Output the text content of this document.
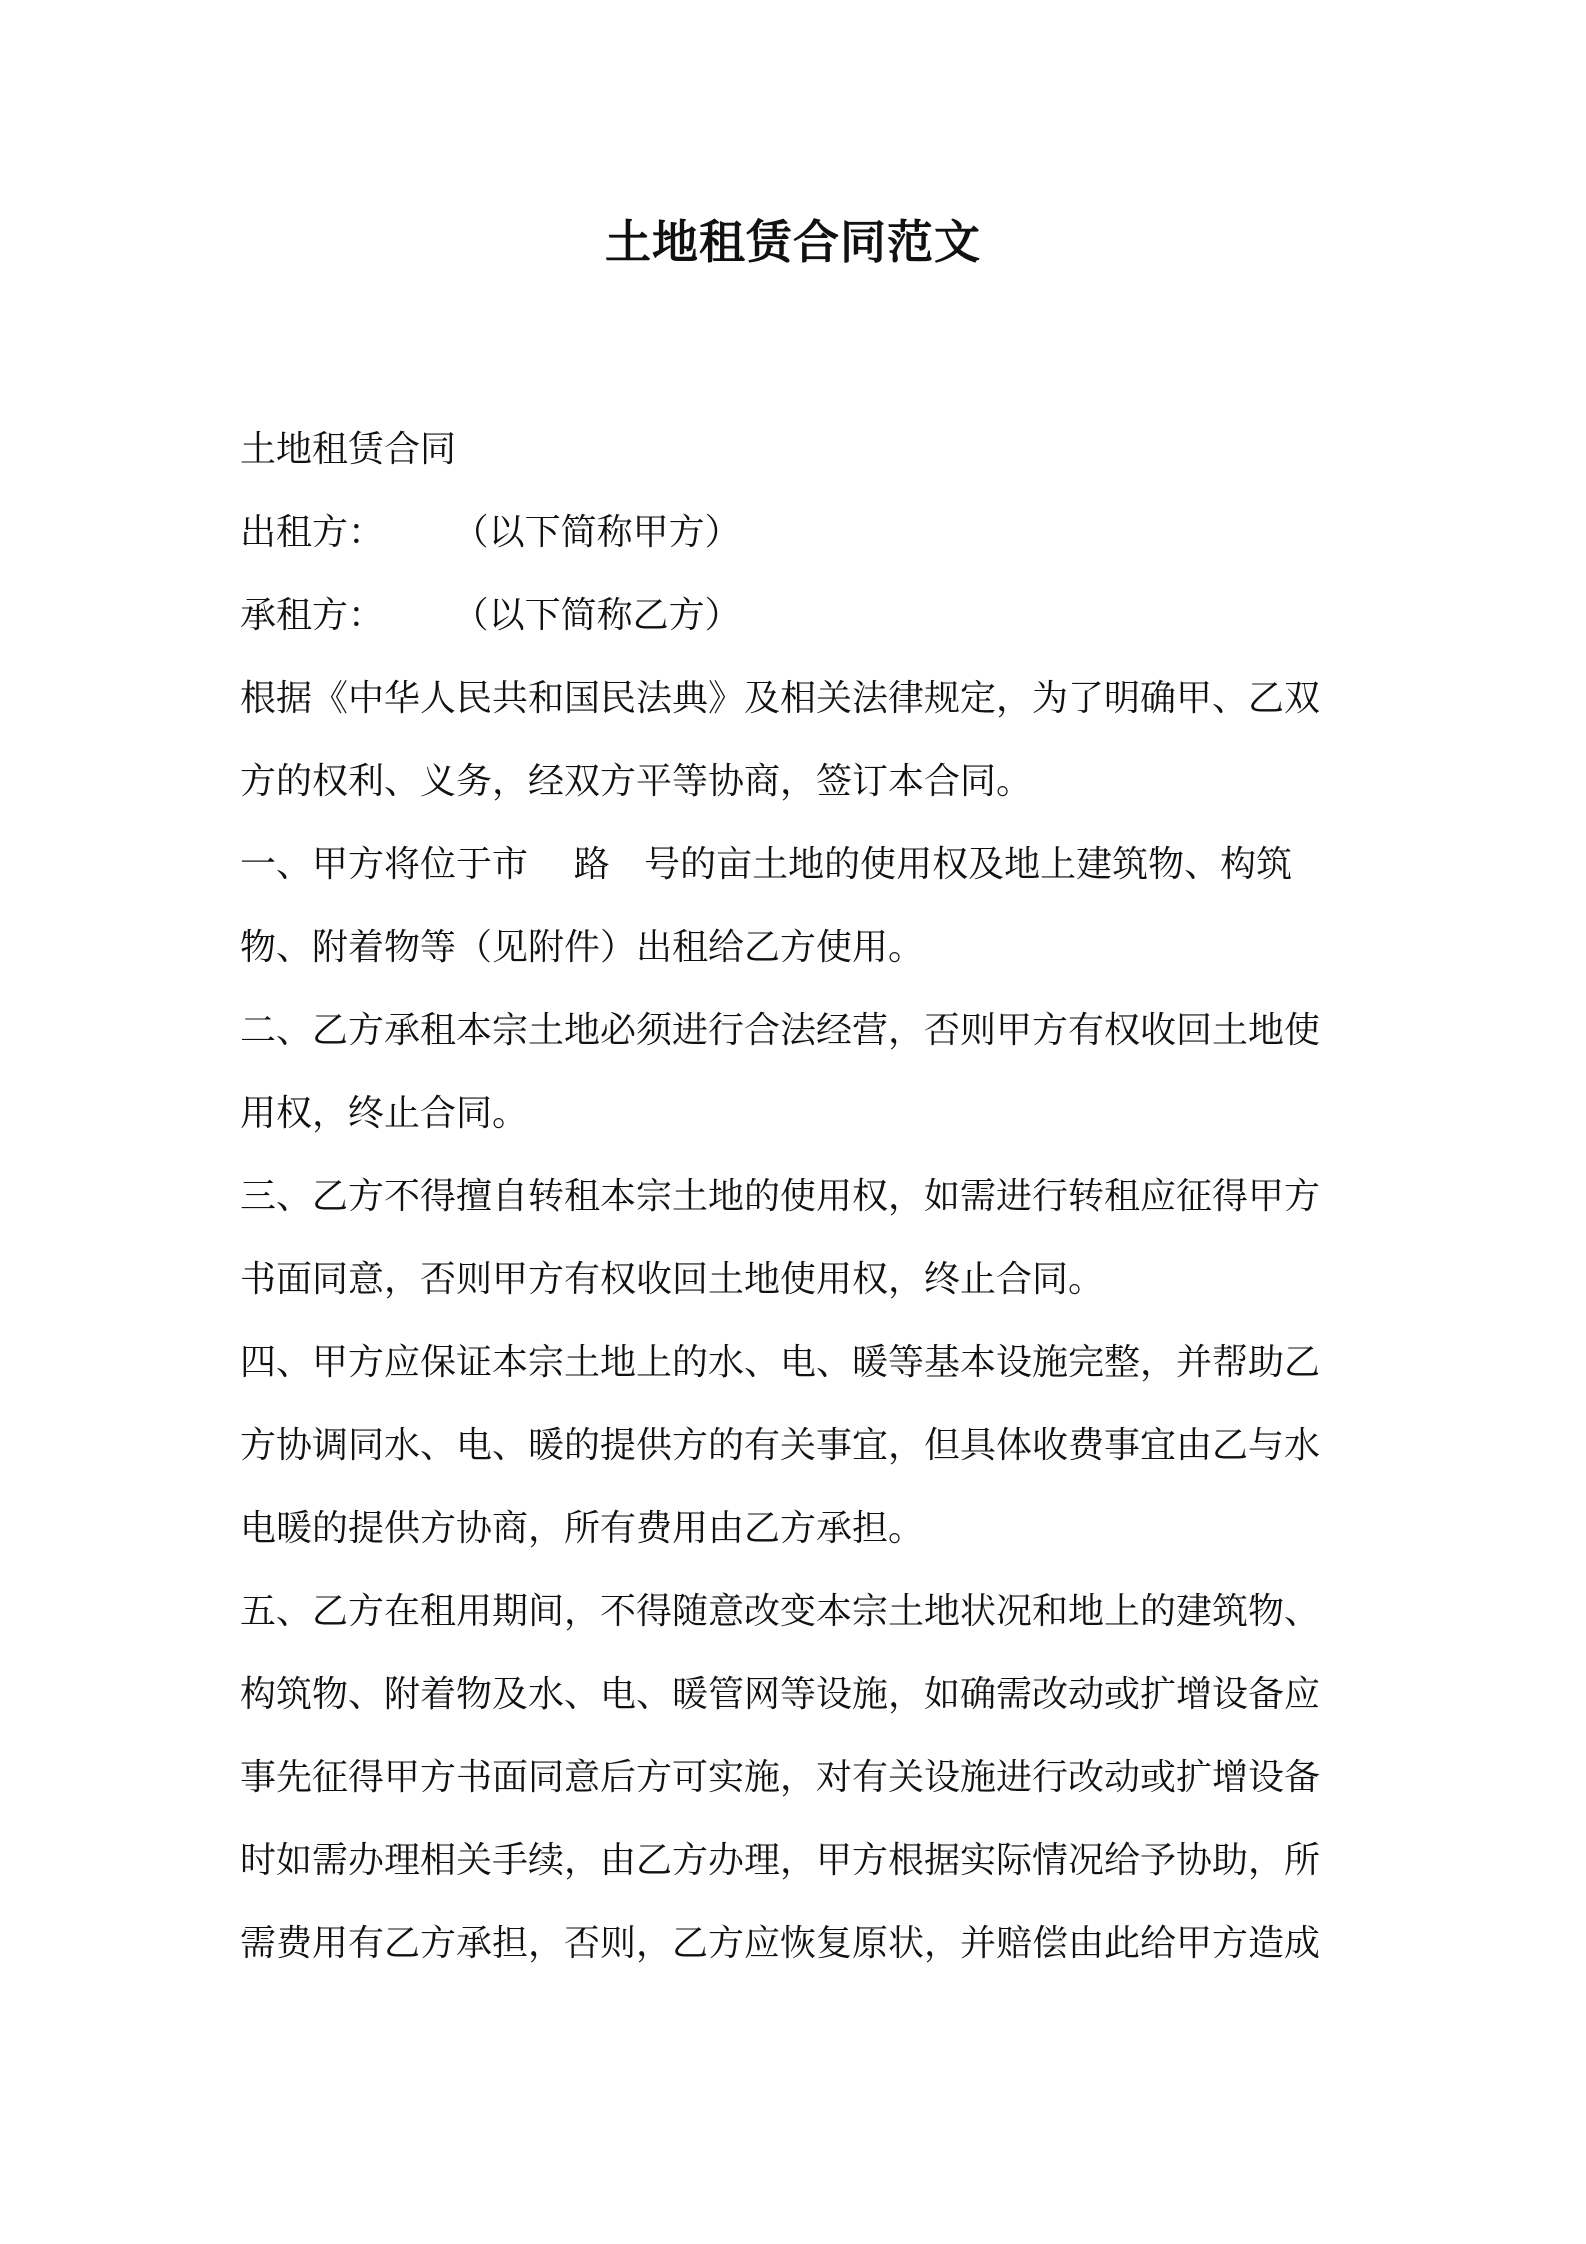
土地租赁合同范文
土地租赁合同
出租方：      （以下简称甲方）
承租方：      （以下简称乙方）
根据《中华人民共和国民法典》及相关法律规定，为了明确甲、乙双
方的权利、义务，经双方平等协商，签订本合同。
一、甲方将位于市    路   号的亩土地的使用权及地上建筑物、构筑
物、附着物等（见附件）出租给乙方使用。
二、乙方承租本宗土地必须进行合法经营，否则甲方有权收回土地使
用权，终止合同。
三、乙方不得擅自转租本宗土地的使用权，如需进行转租应征得甲方
书面同意，否则甲方有权收回土地使用权，终止合同。
四、甲方应保证本宗土地上的水、电、暖等基本设施完整，并帮助乙
方协调同水、电、暖的提供方的有关事宜，但具体收费事宜由乙与水
电暖的提供方协商，所有费用由乙方承担。
五、乙方在租用期间，不得随意改变本宗土地状况和地上的建筑物、
构筑物、附着物及水、电、暖管网等设施，如确需改动或扩增设备应
事先征得甲方书面同意后方可实施，对有关设施进行改动或扩增设备
时如需办理相关手续，由乙方办理，甲方根据实际情况给予协助，所
需费用有乙方承担，否则，乙方应恢复原状，并赔偿由此给甲方造成
